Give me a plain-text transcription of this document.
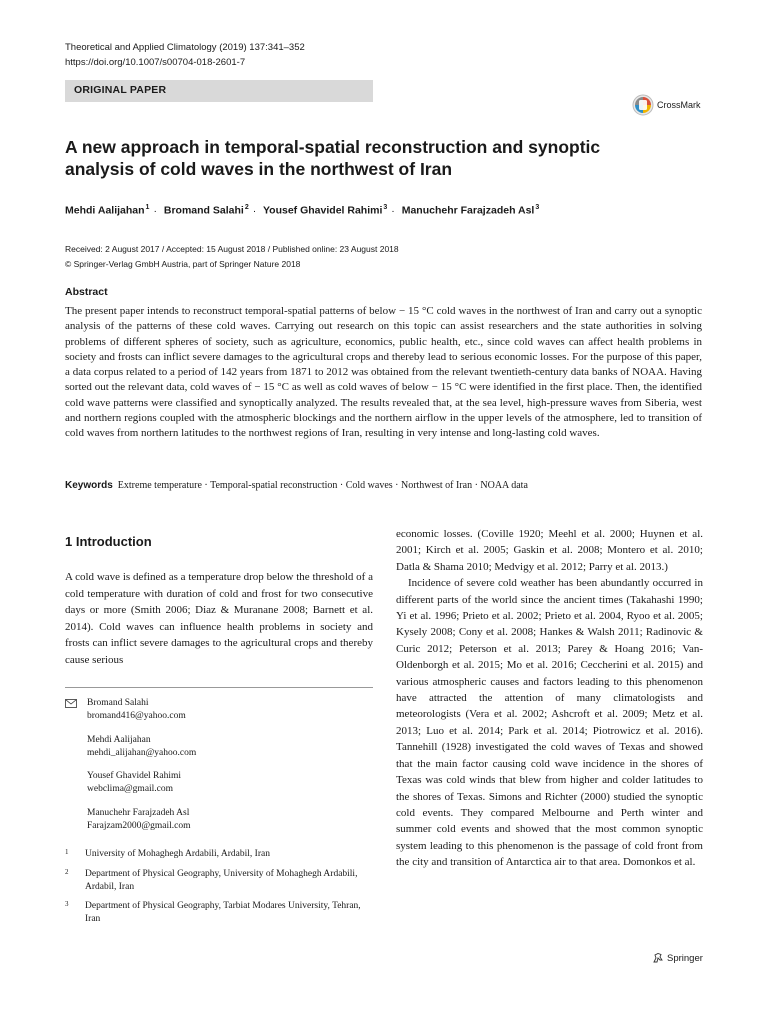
Theoretical and Applied Climatology (2019) 137:341–352
https://doi.org/10.1007/s00704-018-2601-7
ORIGINAL PAPER
CrossMark
A new approach in temporal-spatial reconstruction and synoptic analysis of cold waves in the northwest of Iran
Mehdi Aalijahan$^1$ · Bromand Salahi$^2$ · Yousef Ghavidel Rahimi$^3$ · Manuchehr Farajzadeh Asl$^3$
Received: 2 August 2017 / Accepted: 15 August 2018 / Published online: 23 August 2018
© Springer-Verlag GmbH Austria, part of Springer Nature 2018
Abstract
The present paper intends to reconstruct temporal-spatial patterns of below − 15 °C cold waves in the northwest of Iran and carry out a synoptic analysis of the patterns of these cold waves. Carrying out research on this topic can assist researchers and the state authorities in solving problems of different spheres of society, such as agriculture, economics, public health, etc., since cold waves can affect health problems in society and frosts can inflict severe damages to the agricultural crops and thereby lead to serious economic losses. For the purpose of this paper, a data corpus related to a period of 142 years from 1871 to 2012 was obtained from the relevant twentieth-century data banks of NOAA. Having sorted out the relevant data, cold waves of − 15 °C as well as cold waves of below − 15 °C were identified in the first place. Then, the identified cold wave patterns were classified and synoptically analyzed. The results revealed that, at the sea level, high-pressure waves from Siberia, west and northern regions coupled with the atmospheric blockings and the northern airflow in the upper levels of the atmosphere, led to transition of cold waves from northern latitudes to the northwest regions of Iran, resulting in very intense and long-lasting cold waves.
Keywords Extreme temperature · Temporal-spatial reconstruction · Cold waves · Northwest of Iran · NOAA data
1 Introduction
A cold wave is defined as a temperature drop below the threshold of a cold temperature with duration of cold and frost for two consecutive days or more (Smith 2006; Diaz & Muranane 2008; Barnett et al. 2014). Cold waves can influence health problems in society and frosts can inflict severe damages to the agricultural crops and thereby cause serious
Bromand Salahi
bromand416@yahoo.com
Mehdi Aalijahan
mehdi_alijahan@yahoo.com
Yousef Ghavidel Rahimi
webclima@gmail.com
Manuchehr Farajzadeh Asl
Farajzam2000@gmail.com
1	University of Mohaghegh Ardabili, Ardabil, Iran
2	Department of Physical Geography, University of Mohaghegh Ardabili, Ardabil, Iran
3	Department of Physical Geography, Tarbiat Modares University, Tehran, Iran

economic losses. (Coville 1920; Meehl et al. 2000; Huynen et al. 2001; Kirch et al. 2005; Gaskin et al. 2008; Montero et al. 2010; Datla & Shama 2010; Medvigy et al. 2012; Parry et al. 2013.)

Incidence of severe cold weather has been abundantly occurred in different parts of the world since the ancient times (Takahashi 1990; Yi et al. 1996; Prieto et al. 2002; Prieto et al. 2004, Ryoo et al. 2005; Kysely 2008; Cony et al. 2008; Hankes & Walsh 2011; Radinovic & Curic 2012; Peterson et al. 2013; Parey & Hoang 2016; Van-Oldenborgh et al. 2015; Mo et al. 2016; Ceccherini et al. 2015) and various atmospheric causes and factors leading to this phenomenon have attracted the attention of many climatologists and meteorologists (Vera et al. 2002; Ashcroft et al. 2009; Metz et al. 2013; Luo et al. 2014; Park et al. 2014; Piotrowicz et al. 2016). Tannehill (1928) investigated the cold waves of Texas and showed that the main factor causing cold wave incidence in the shores of Texas was cold winds that blew from higher and colder latitudes to the shores of Texas. Simons and Richter (2000) studied the synoptic cold events. They compared Melbourne and Perth winter and summer cold events and showed that the most common synoptic system leading to this phenomenon is the passage of cold front from the city and transition of Antarctica air to that area. Domonkos et al.

Springer
